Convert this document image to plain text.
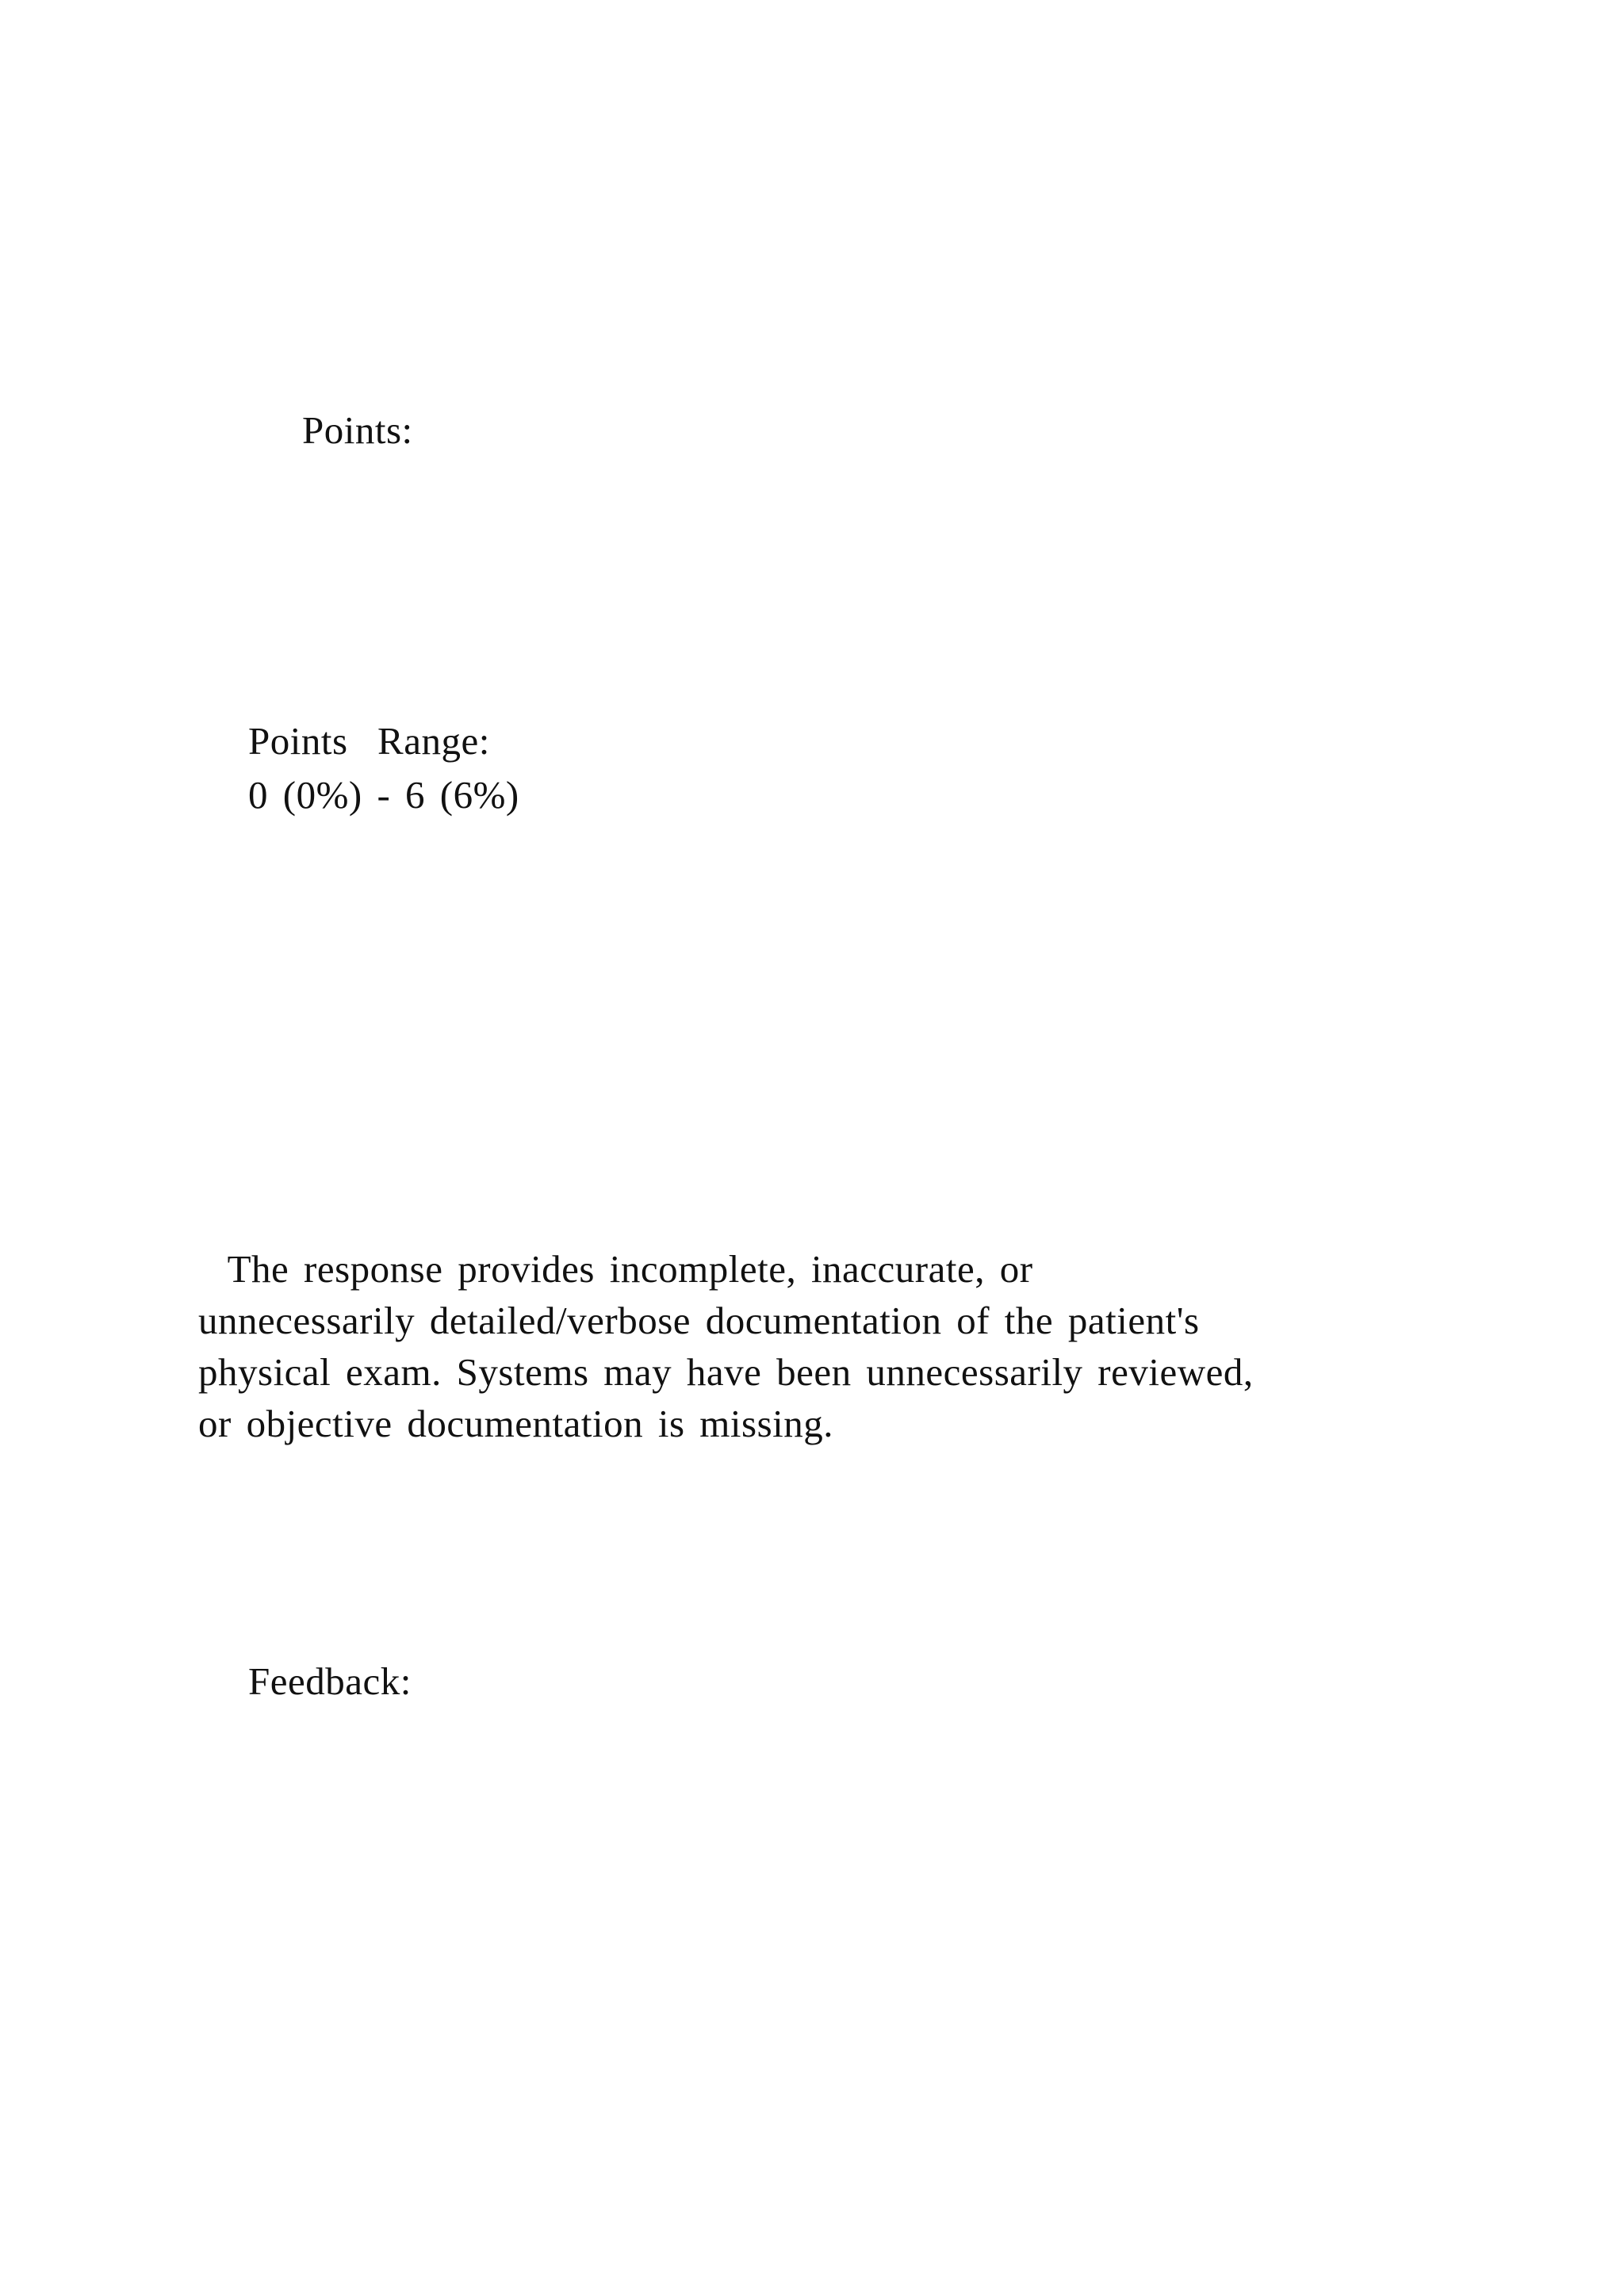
Points:
Points  Range:
0 (0%) - 6 (6%)
The response provides incomplete, inaccurate, or
unnecessarily detailed/verbose documentation of the patient's
physical exam. Systems may have been unnecessarily reviewed,
or objective documentation is missing.
Feedback:
